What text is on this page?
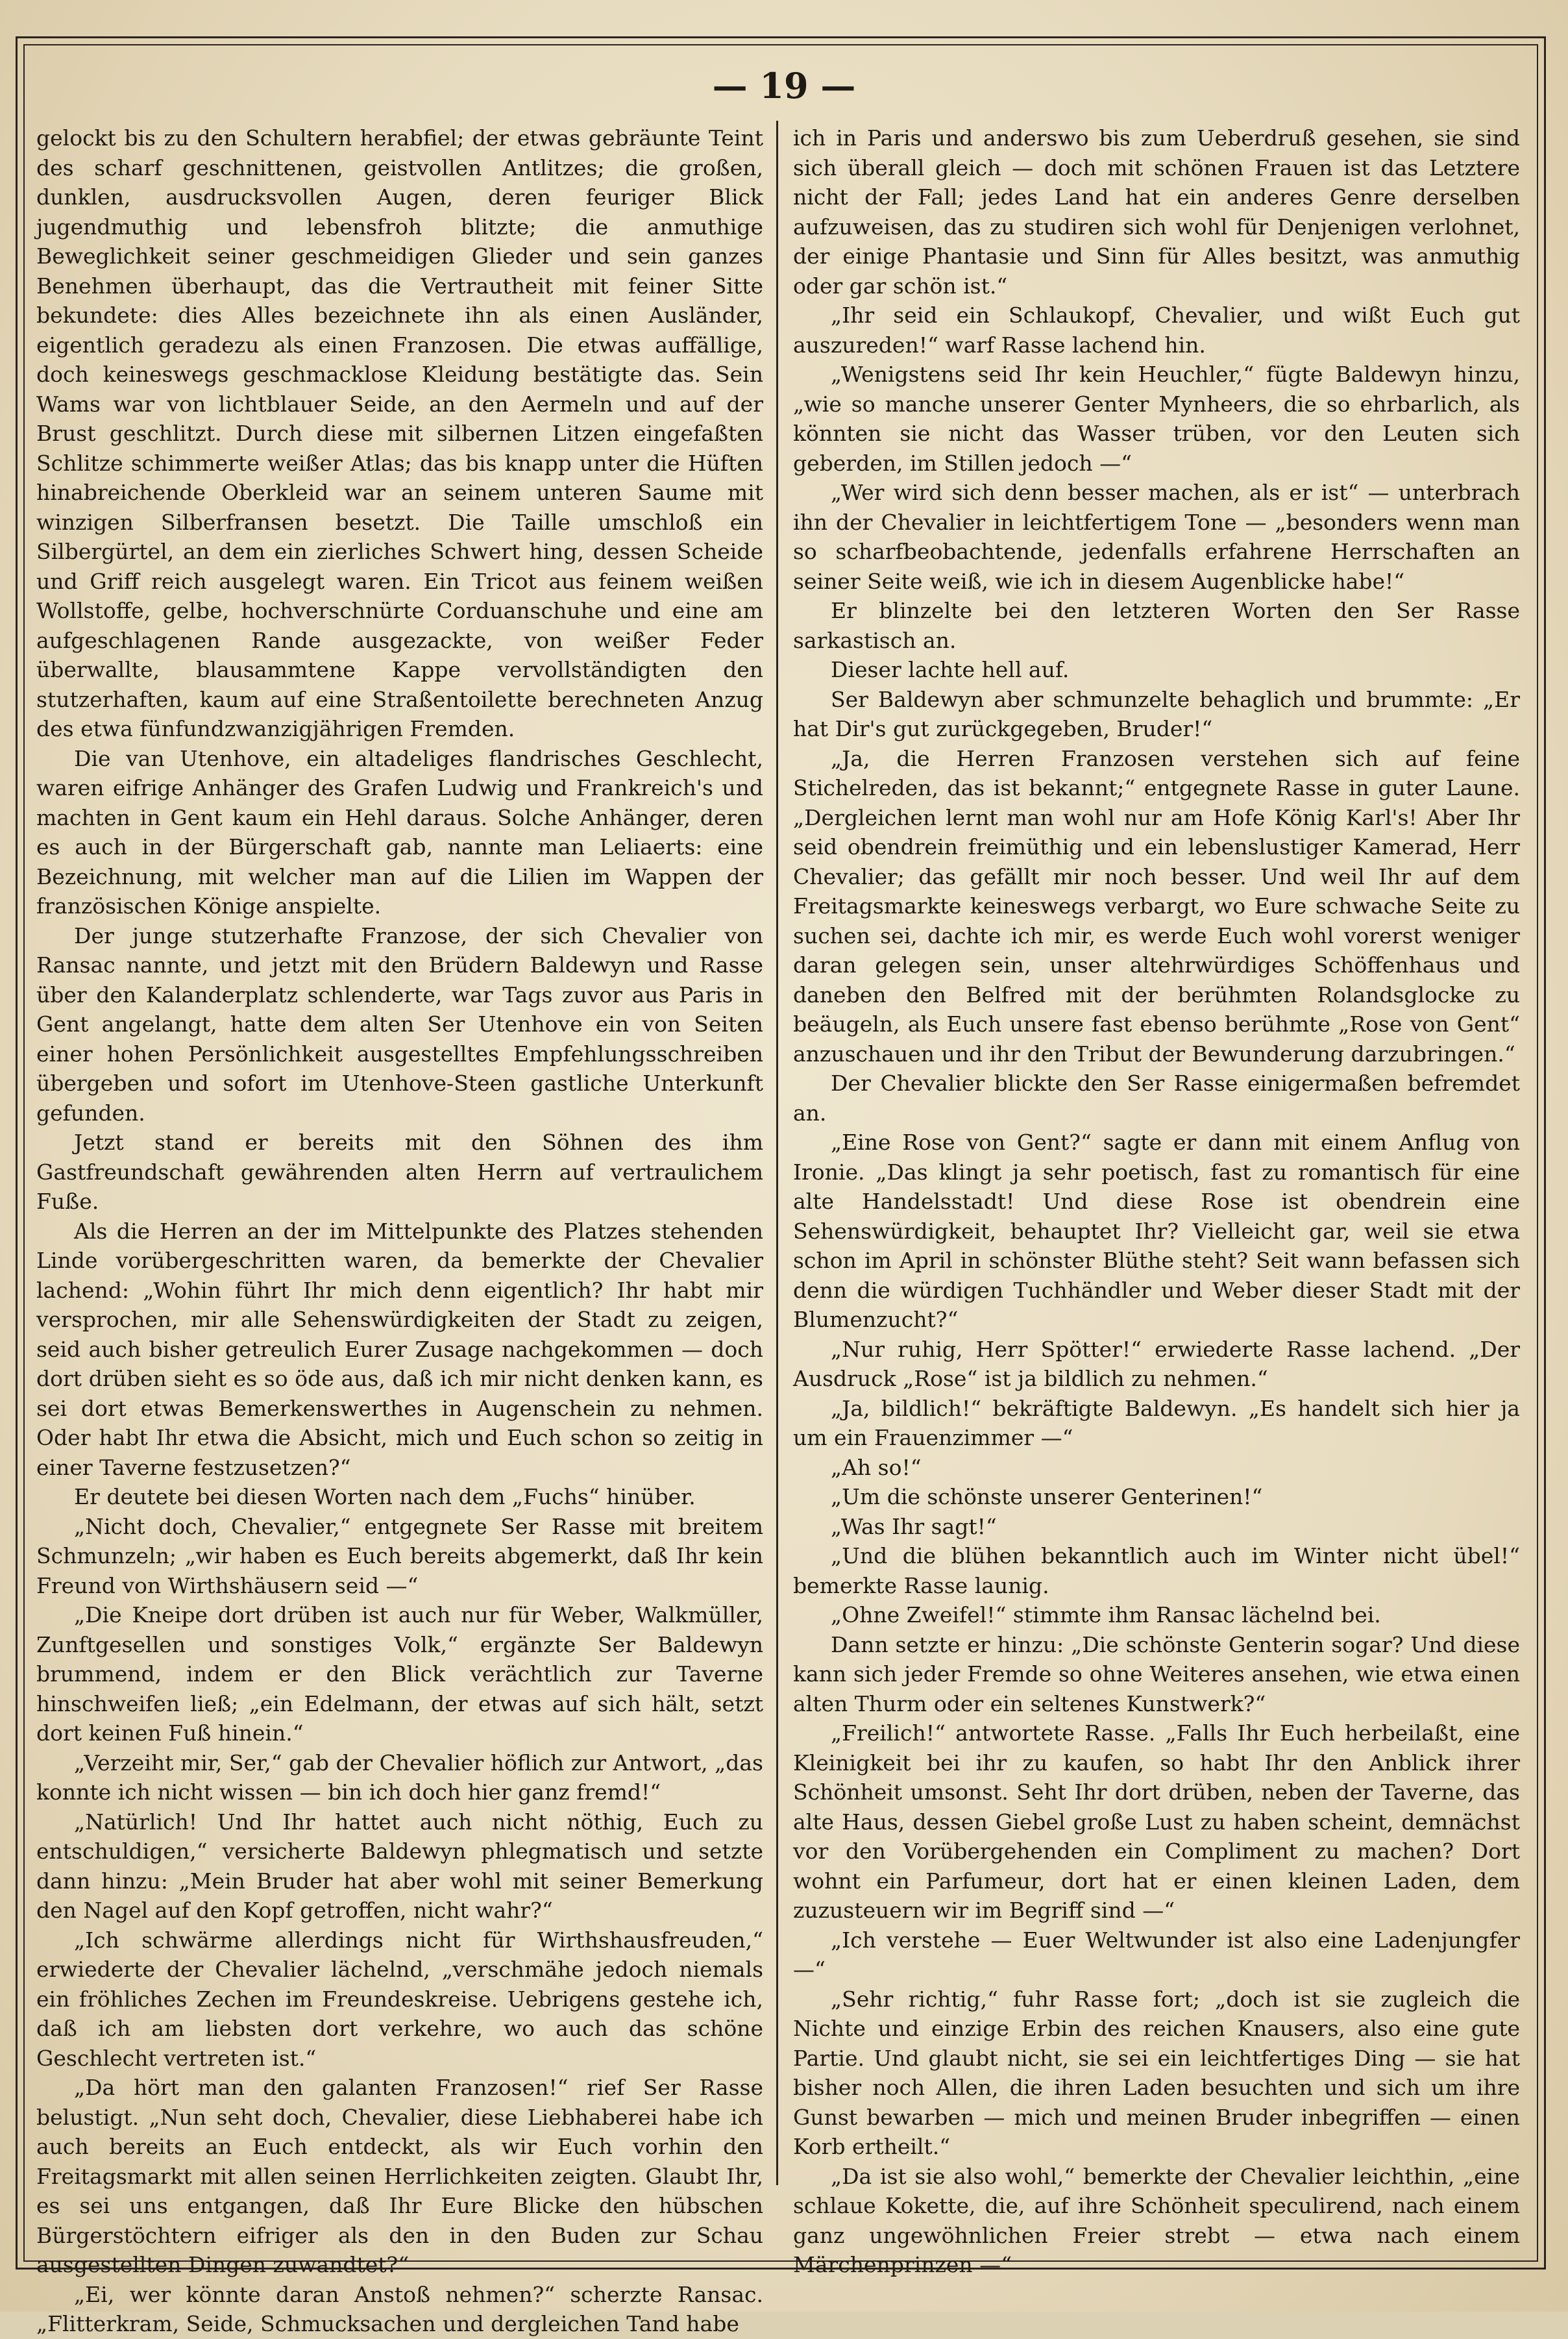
— 19 —

gelockt bis zu den Schultern herabfiel; der etwas gebräunte Teint des scharf geschnittenen, geistvollen Antlitzes; die großen, dunklen, ausdrucksvollen Augen, deren feuriger Blick jugendmuthig und lebensfroh blitzte; die anmuthige Beweglichkeit seiner geschmeidigen Glieder und sein ganzes Benehmen überhaupt, das die Vertrautheit mit feiner Sitte bekundete: dies Alles bezeichnete ihn als einen Ausländer, eigentlich geradezu als einen Franzosen. Die etwas auffällige, doch keineswegs geschmacklose Kleidung bestätigte das. Sein Wams war von lichtblauer Seide, an den Aermeln und auf der Brust geschlitzt. Durch diese mit silbernen Litzen eingefaßten Schlitze schimmerte weißer Atlas; das bis knapp unter die Hüften hinabreichende Oberkleid war an seinem unteren Saume mit winzigen Silberfransen besetzt. Die Taille umschloß ein Silbergürtel, an dem ein zierliches Schwert hing, dessen Scheide und Griff reich ausgelegt waren. Ein Tricot aus feinem weißen Wollstoffe, gelbe, hochverschnürte Corduanschuhe und eine am aufgeschlagenen Rande ausgezackte, von weißer Feder überwallte, blausammtene Kappe vervollständigten den stutzerhaften, kaum auf eine Straßentoilette berechneten Anzug des etwa fünfundzwanzigjährigen Fremden.

Die van Utenhove, ein altadeliges flandrisches Geschlecht, waren eifrige Anhänger des Grafen Ludwig und Frankreich's und machten in Gent kaum ein Hehl daraus. Solche Anhänger, deren es auch in der Bürgerschaft gab, nannte man Leliaerts: eine Bezeichnung, mit welcher man auf die Lilien im Wappen der französischen Könige anspielte.

Der junge stutzerhafte Franzose, der sich Chevalier von Ransac nannte, und jetzt mit den Brüdern Baldewyn und Rasse über den Kalanderplatz schlenderte, war Tags zuvor aus Paris in Gent angelangt, hatte dem alten Ser Utenhove ein von Seiten einer hohen Persönlichkeit ausgestelltes Empfehlungsschreiben übergeben und sofort im Utenhove-Steen gastliche Unterkunft gefunden.

Jetzt stand er bereits mit den Söhnen des ihm Gastfreundschaft gewährenden alten Herrn auf vertraulichem Fuße.

Als die Herren an der im Mittelpunkte des Platzes stehenden Linde vorübergeschritten waren, da bemerkte der Chevalier lachend: „Wohin führt Ihr mich denn eigentlich? Ihr habt mir versprochen, mir alle Sehenswürdigkeiten der Stadt zu zeigen, seid auch bisher getreulich Eurer Zusage nachgekommen — doch dort drüben sieht es so öde aus, daß ich mir nicht denken kann, es sei dort etwas Bemerkenswerthes in Augenschein zu nehmen. Oder habt Ihr etwa die Absicht, mich und Euch schon so zeitig in einer Taverne festzusetzen?“

Er deutete bei diesen Worten nach dem „Fuchs“ hinüber.

„Nicht doch, Chevalier,“ entgegnete Ser Rasse mit breitem Schmunzeln; „wir haben es Euch bereits abgemerkt, daß Ihr kein Freund von Wirthshäusern seid —“

„Die Kneipe dort drüben ist auch nur für Weber, Walkmüller, Zunftgesellen und sonstiges Volk,“ ergänzte Ser Baldewyn brummend, indem er den Blick verächtlich zur Taverne hinschweifen ließ; „ein Edelmann, der etwas auf sich hält, setzt dort keinen Fuß hinein.“

„Verzeiht mir, Ser,“ gab der Chevalier höflich zur Antwort, „das konnte ich nicht wissen — bin ich doch hier ganz fremd!“

„Natürlich! Und Ihr hattet auch nicht nöthig, Euch zu entschuldigen,“ versicherte Baldewyn phlegmatisch und setzte dann hinzu: „Mein Bruder hat aber wohl mit seiner Bemerkung den Nagel auf den Kopf getroffen, nicht wahr?“

„Ich schwärme allerdings nicht für Wirthshausfreuden,“ erwiederte der Chevalier lächelnd, „verschmähe jedoch niemals ein fröhliches Zechen im Freundeskreise. Uebrigens gestehe ich, daß ich am liebsten dort verkehre, wo auch das schöne Geschlecht vertreten ist.“

„Da hört man den galanten Franzosen!“ rief Ser Rasse belustigt. „Nun seht doch, Chevalier, diese Liebhaberei habe ich auch bereits an Euch entdeckt, als wir Euch vorhin den Freitagsmarkt mit allen seinen Herrlichkeiten zeigten. Glaubt Ihr, es sei uns entgangen, daß Ihr Eure Blicke den hübschen Bürgerstöchtern eifriger als den in den Buden zur Schau ausgestellten Dingen zuwandtet?“

„Ei, wer könnte daran Anstoß nehmen?“ scherzte Ransac. „Flitterkram, Seide, Schmucksachen und dergleichen Tand habe

ich in Paris und anderswo bis zum Ueberdruß gesehen, sie sind sich überall gleich — doch mit schönen Frauen ist das Letztere nicht der Fall; jedes Land hat ein anderes Genre derselben aufzuweisen, das zu studiren sich wohl für Denjenigen verlohnet, der einige Phantasie und Sinn für Alles besitzt, was anmuthig oder gar schön ist.“

„Ihr seid ein Schlaukopf, Chevalier, und wißt Euch gut auszureden!“ warf Rasse lachend hin.

„Wenigstens seid Ihr kein Heuchler,“ fügte Baldewyn hinzu, „wie so manche unserer Genter Mynheers, die so ehrbarlich, als könnten sie nicht das Wasser trüben, vor den Leuten sich geberden, im Stillen jedoch —“

„Wer wird sich denn besser machen, als er ist“ — unterbrach ihn der Chevalier in leichtfertigem Tone — „besonders wenn man so scharfbeobachtende, jedenfalls erfahrene Herrschaften an seiner Seite weiß, wie ich in diesem Augenblicke habe!“

Er blinzelte bei den letzteren Worten den Ser Rasse sarkastisch an.

Dieser lachte hell auf.

Ser Baldewyn aber schmunzelte behaglich und brummte: „Er hat Dir's gut zurückgegeben, Bruder!“

„Ja, die Herren Franzosen verstehen sich auf feine Stichelreden, das ist bekannt;“ entgegnete Rasse in guter Laune. „Dergleichen lernt man wohl nur am Hofe König Karl's! Aber Ihr seid obendrein freimüthig und ein lebenslustiger Kamerad, Herr Chevalier; das gefällt mir noch besser. Und weil Ihr auf dem Freitagsmarkte keineswegs verbargt, wo Eure schwache Seite zu suchen sei, dachte ich mir, es werde Euch wohl vorerst weniger daran gelegen sein, unser altehrwürdiges Schöffenhaus und daneben den Belfred mit der berühmten Rolandsglocke zu beäugeln, als Euch unsere fast ebenso berühmte „Rose von Gent“ anzuschauen und ihr den Tribut der Bewunderung darzubringen.“

Der Chevalier blickte den Ser Rasse einigermaßen befremdet an.

„Eine Rose von Gent?“ sagte er dann mit einem Anflug von Ironie. „Das klingt ja sehr poetisch, fast zu romantisch für eine alte Handelsstadt! Und diese Rose ist obendrein eine Sehenswürdigkeit, behauptet Ihr? Vielleicht gar, weil sie etwa schon im April in schönster Blüthe steht? Seit wann befassen sich denn die würdigen Tuchhändler und Weber dieser Stadt mit der Blumenzucht?“

„Nur ruhig, Herr Spötter!“ erwiederte Rasse lachend. „Der Ausdruck „Rose“ ist ja bildlich zu nehmen.“

„Ja, bildlich!“ bekräftigte Baldewyn. „Es handelt sich hier ja um ein Frauenzimmer —“

„Ah so!“

„Um die schönste unserer Genterinen!“

„Was Ihr sagt!“

„Und die blühen bekanntlich auch im Winter nicht übel!“ bemerkte Rasse launig.

„Ohne Zweifel!“ stimmte ihm Ransac lächelnd bei.

Dann setzte er hinzu: „Die schönste Genterin sogar? Und diese kann sich jeder Fremde so ohne Weiteres ansehen, wie etwa einen alten Thurm oder ein seltenes Kunstwerk?“

„Freilich!“ antwortete Rasse. „Falls Ihr Euch herbeilaßt, eine Kleinigkeit bei ihr zu kaufen, so habt Ihr den Anblick ihrer Schönheit umsonst. Seht Ihr dort drüben, neben der Taverne, das alte Haus, dessen Giebel große Lust zu haben scheint, demnächst vor den Vorübergehenden ein Compliment zu machen? Dort wohnt ein Parfumeur, dort hat er einen kleinen Laden, dem zuzusteuern wir im Begriff sind —“

„Ich verstehe — Euer Weltwunder ist also eine Ladenjungfer —“

„Sehr richtig,“ fuhr Rasse fort; „doch ist sie zugleich die Nichte und einzige Erbin des reichen Knausers, also eine gute Partie. Und glaubt nicht, sie sei ein leichtfertiges Ding — sie hat bisher noch Allen, die ihren Laden besuchten und sich um ihre Gunst bewarben — mich und meinen Bruder inbegriffen — einen Korb ertheilt.“

„Da ist sie also wohl,“ bemerkte der Chevalier leichthin, „eine schlaue Kokette, die, auf ihre Schönheit speculirend, nach einem ganz ungewöhnlichen Freier strebt — etwa nach einem Märchenprinzen —“
